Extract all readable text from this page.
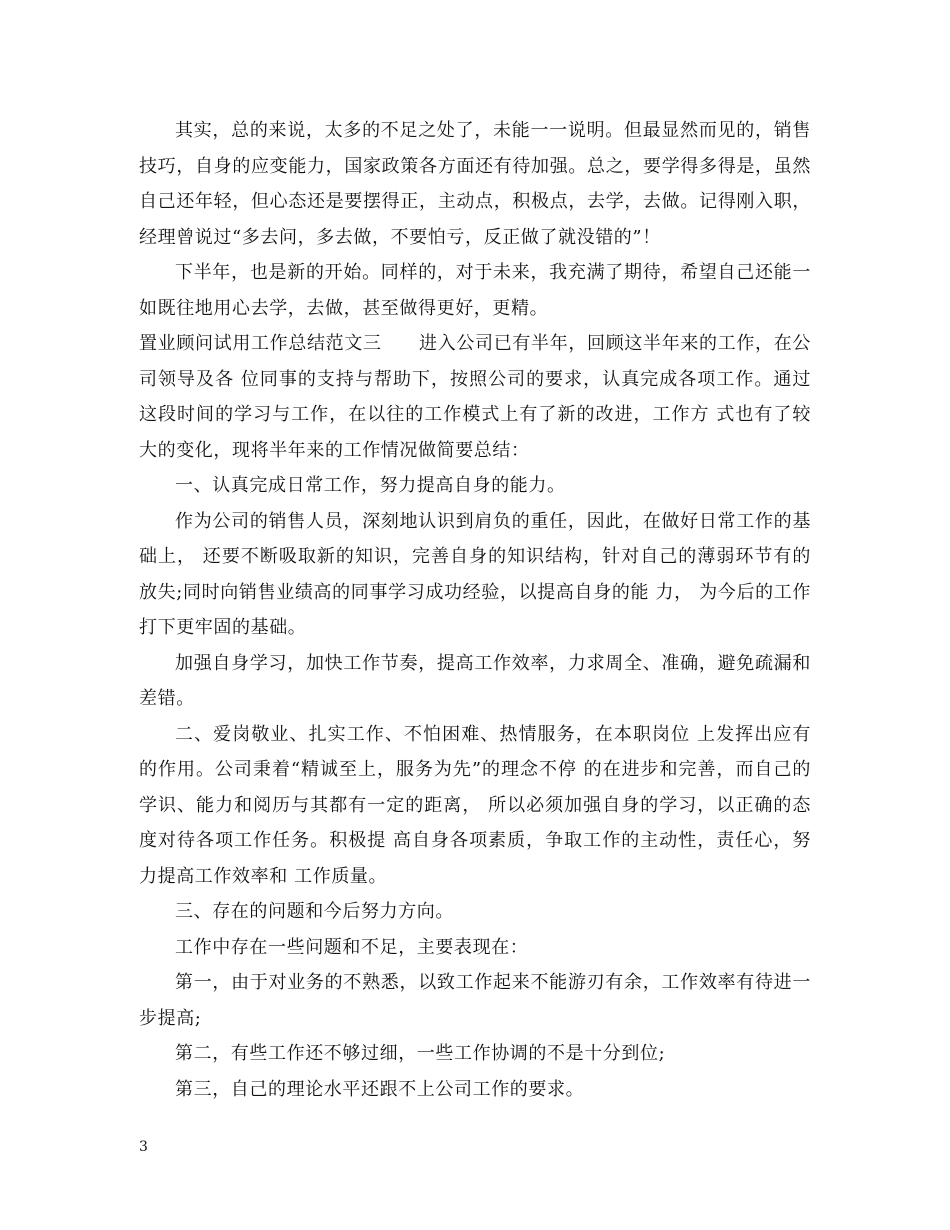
其实，总的来说，太多的不足之处了，未能一一说明。但最显然而见的，销售技巧，自身的应变能力，国家政策各方面还有待加强。总之，要学得多得是，虽然自己还年轻，但心态还是要摆得正，主动点，积极点，去学，去做。记得刚入职，经理曾说过“多去问，多去做，不要怕亏，反正做了就没错的”！

下半年，也是新的开始。同样的，对于未来，我充满了期待，希望自己还能一如既往地用心去学，去做，甚至做得更好，更精。

置业顾问试用工作总结范文三　　进入公司已有半年，回顾这半年来的工作，在公司领导及各 位同事的支持与帮助下，按照公司的要求，认真完成各项工作。通过这段时间的学习与工作，在以往的工作模式上有了新的改进，工作方 式也有了较大的变化，现将半年来的工作情况做简要总结：

一、认真完成日常工作，努力提高自身的能力。

作为公司的销售人员，深刻地认识到肩负的重任，因此，在做好日常工作的基础上， 还要不断吸取新的知识，完善自身的知识结构，针对自己的薄弱环节有的放失;同时向销售业绩高的同事学习成功经验，以提高自身的能 力， 为今后的工作打下更牢固的基础。

加强自身学习，加快工作节奏，提高工作效率，力求周全、准确，避免疏漏和差错。

二、爱岗敬业、扎实工作、不怕困难、热情服务，在本职岗位 上发挥出应有的作用。公司秉着“精诚至上，服务为先”的理念不停 的在进步和完善，而自己的学识、能力和阅历与其都有一定的距离， 所以必须加强自身的学习，以正确的态度对待各项工作任务。积极提 高自身各项素质，争取工作的主动性，责任心，努力提高工作效率和 工作质量。

三、存在的问题和今后努力方向。

工作中存在一些问题和不足，主要表现在：

第一，由于对业务的不熟悉，以致工作起来不能游刃有余，工作效率有待进一步提高;

第二，有些工作还不够过细，一些工作协调的不是十分到位;

第三，自己的理论水平还跟不上公司工作的要求。

3
